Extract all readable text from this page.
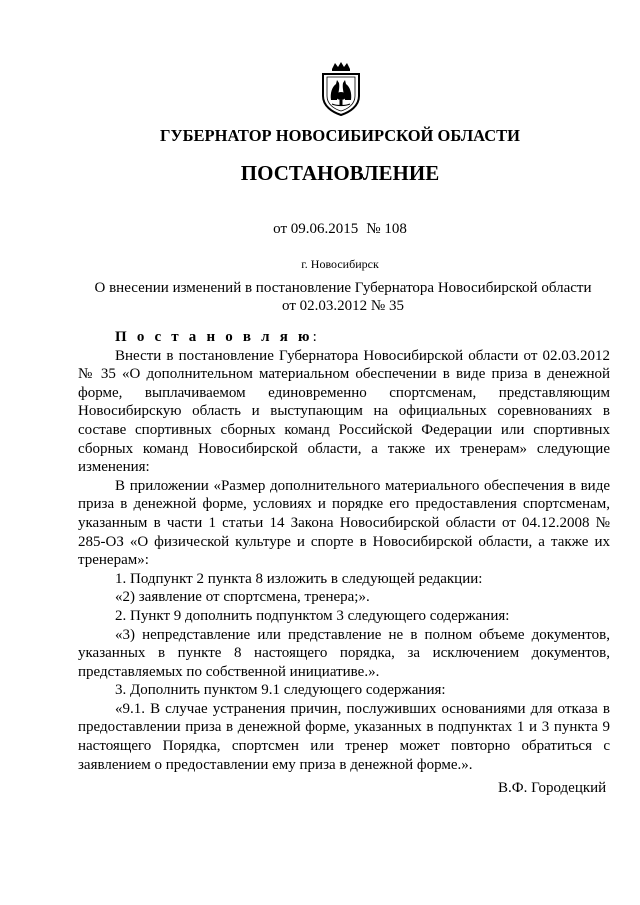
ГУБЕРНАТОР НОВОСИБИРСКОЙ ОБЛАСТИ
ПОСТАНОВЛЕНИЕ
от 09.06.2015 № 108
г. Новосибирск
О внесении изменений в постановление Губернатора Новосибирской области
от 02.03.2012 № 35

П о с т а н о в л я ю:

Внести в постановление Губернатора Новосибирской области от 02.03.2012 № 35 «О дополнительном материальном обеспечении в виде приза в денежной форме, выплачиваемом единовременно спортсменам, представляющим Новосибирскую область и выступающим на официальных соревнованиях в составе спортивных сборных команд Российской Федерации или спортивных сборных команд Новосибирской области, а также их тренерам» следующие изменения:

В приложении «Размер дополнительного материального обеспечения в виде приза в денежной форме, условиях и порядке его предоставления спортсменам, указанным в части 1 статьи 14 Закона Новосибирской области от 04.12.2008 № 285-ОЗ «О физической культуре и спорте в Новосибирской области, а также их тренерам»:

1. Подпункт 2 пункта 8 изложить в следующей редакции:

«2) заявление от спортсмена, тренера;».

2. Пункт 9 дополнить подпунктом 3 следующего содержания:

«3) непредставление или представление не в полном объеме документов, указанных в пункте 8 настоящего порядка, за исключением документов, представляемых по собственной инициативе.».

3. Дополнить пунктом 9.1 следующего содержания:

«9.1. В случае устранения причин, послуживших основаниями для отказа в предоставлении приза в денежной форме, указанных в подпунктах 1 и 3 пункта 9 настоящего Порядка, спортсмен или тренер может повторно обратиться с заявлением о предоставлении ему приза в денежной форме.».

В.Ф. Городецкий
